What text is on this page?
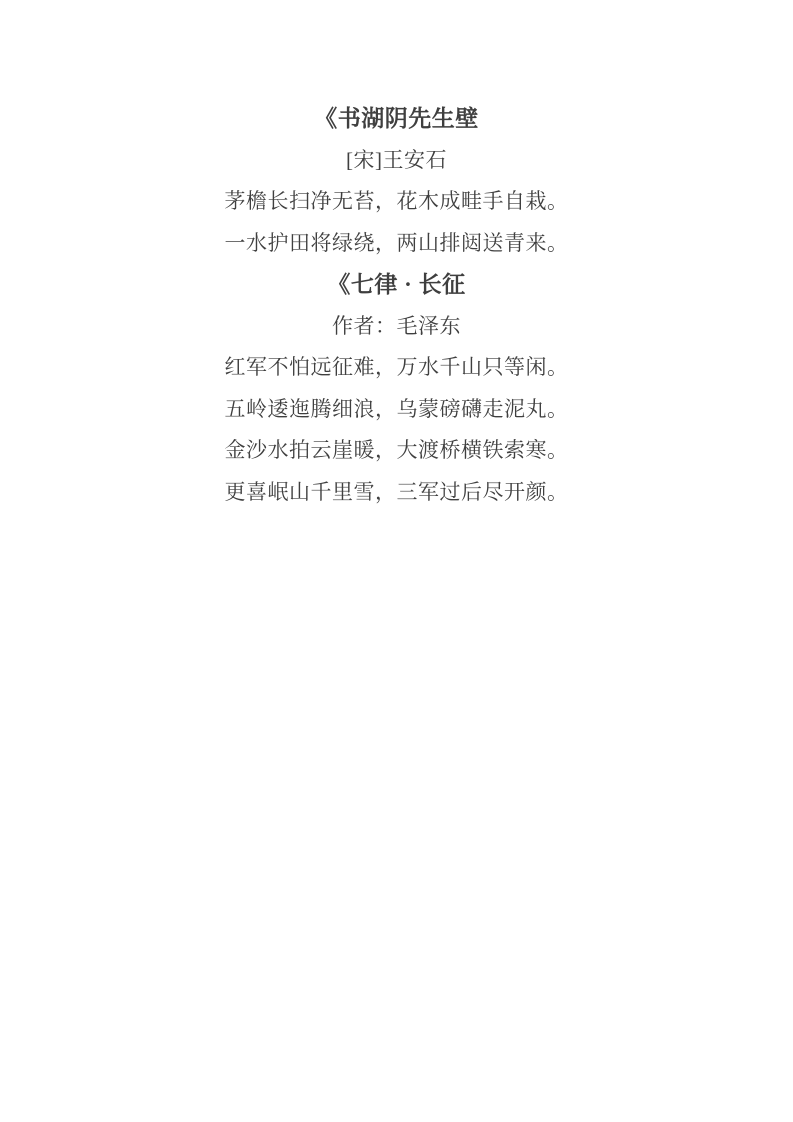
《书湖阴先生壁

[宋]王安石

茅檐长扫净无苔，花木成畦手自栽。

一水护田将绿绕，两山排闼送青来。

《七律 · 长征

作者：毛泽东

红军不怕远征难，万水千山只等闲。

五岭逶迤腾细浪，乌蒙磅礴走泥丸。

金沙水拍云崖暖，大渡桥横铁索寒。

更喜岷山千里雪，三军过后尽开颜。
